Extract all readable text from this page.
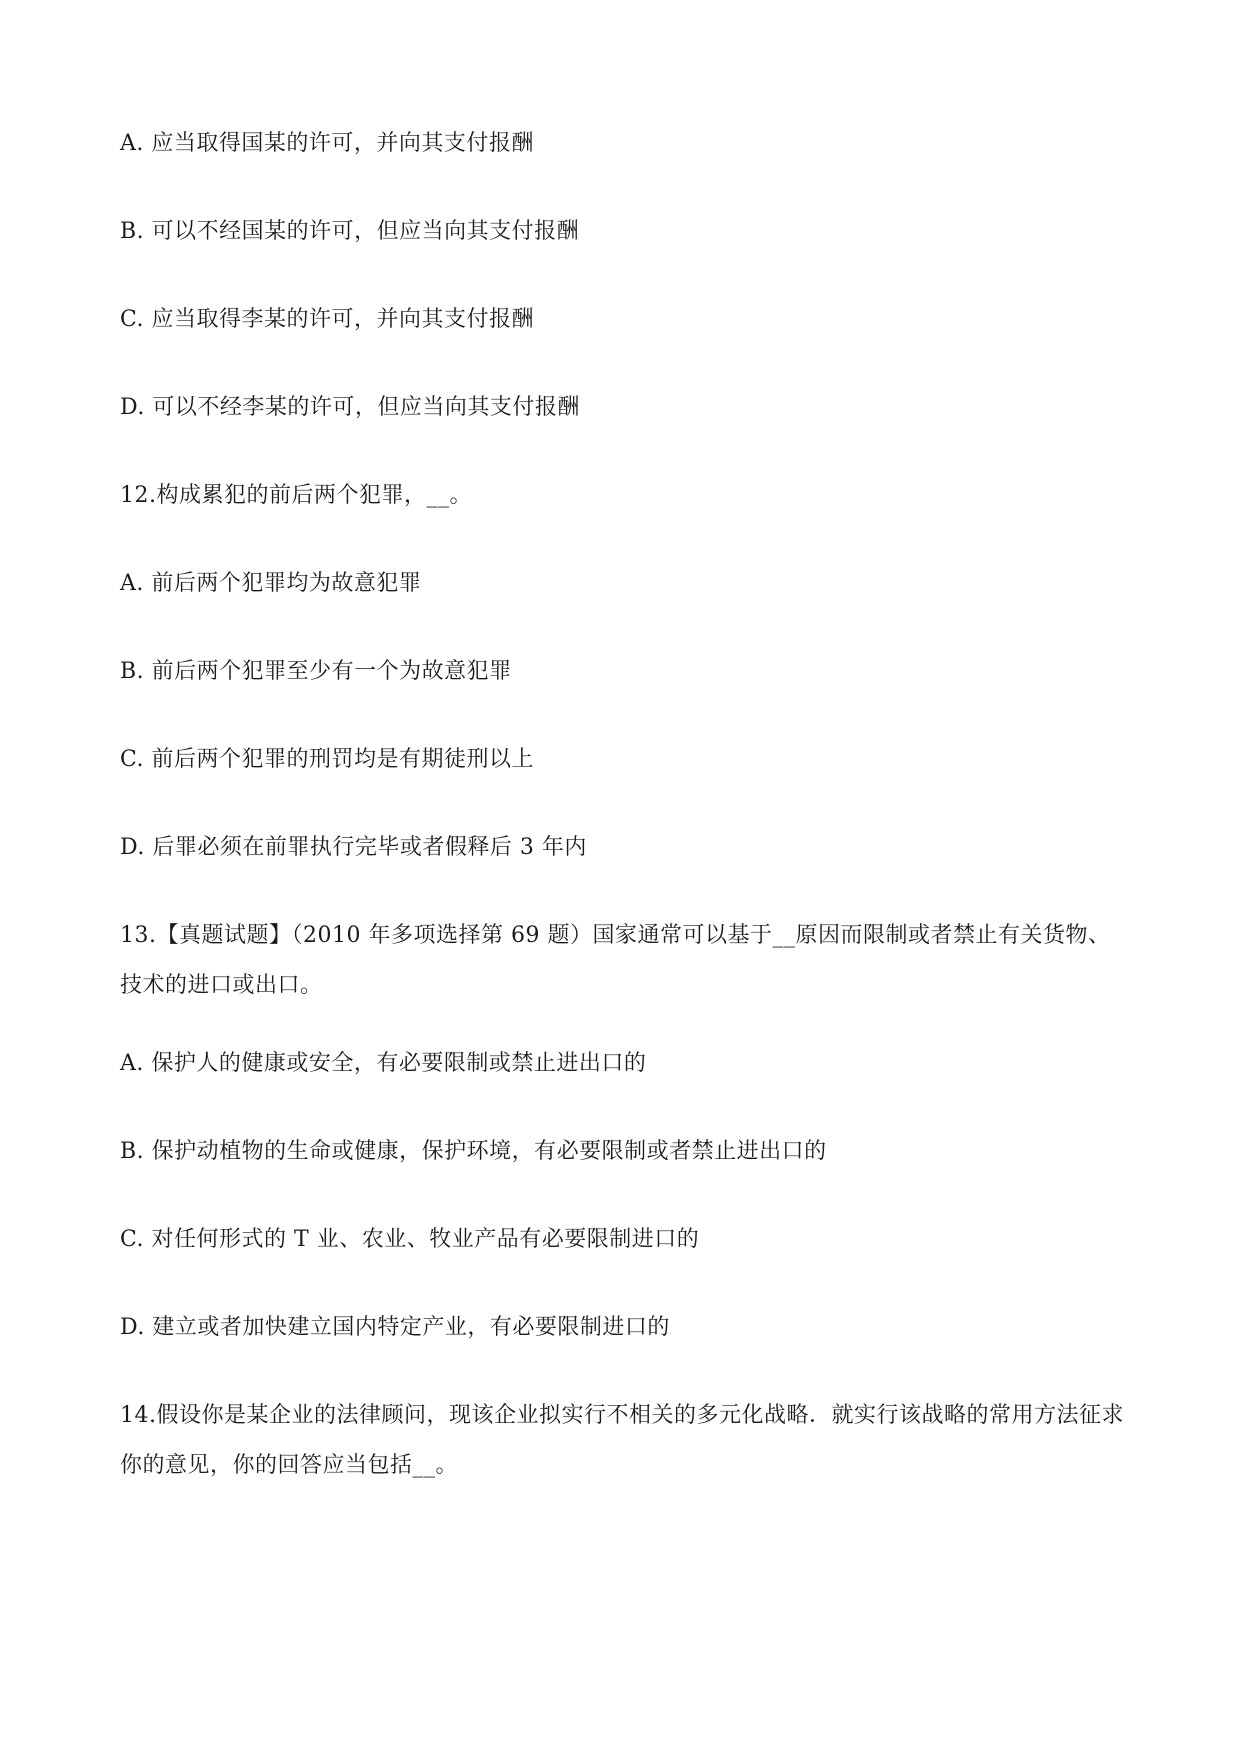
A. 应当取得国某的许可，并向其支付报酬
B. 可以不经国某的许可，但应当向其支付报酬
C. 应当取得李某的许可，并向其支付报酬
D. 可以不经李某的许可，但应当向其支付报酬
12.构成累犯的前后两个犯罪，__。
A. 前后两个犯罪均为故意犯罪
B. 前后两个犯罪至少有一个为故意犯罪
C. 前后两个犯罪的刑罚均是有期徒刑以上
D. 后罪必须在前罪执行完毕或者假释后 3 年内
13.【真题试题】（2010 年多项选择第 69 题）国家通常可以基于__原因而限制或者禁止有关货物、技术的进口或出口。
A. 保护人的健康或安全，有必要限制或禁止进出口的
B. 保护动植物的生命或健康，保护环境，有必要限制或者禁止进出口的
C. 对任何形式的 T 业、农业、牧业产品有必要限制进口的
D. 建立或者加快建立国内特定产业，有必要限制进口的
14.假设你是某企业的法律顾问，现该企业拟实行不相关的多元化战略．就实行该战略的常用方法征求你的意见，你的回答应当包括__。
